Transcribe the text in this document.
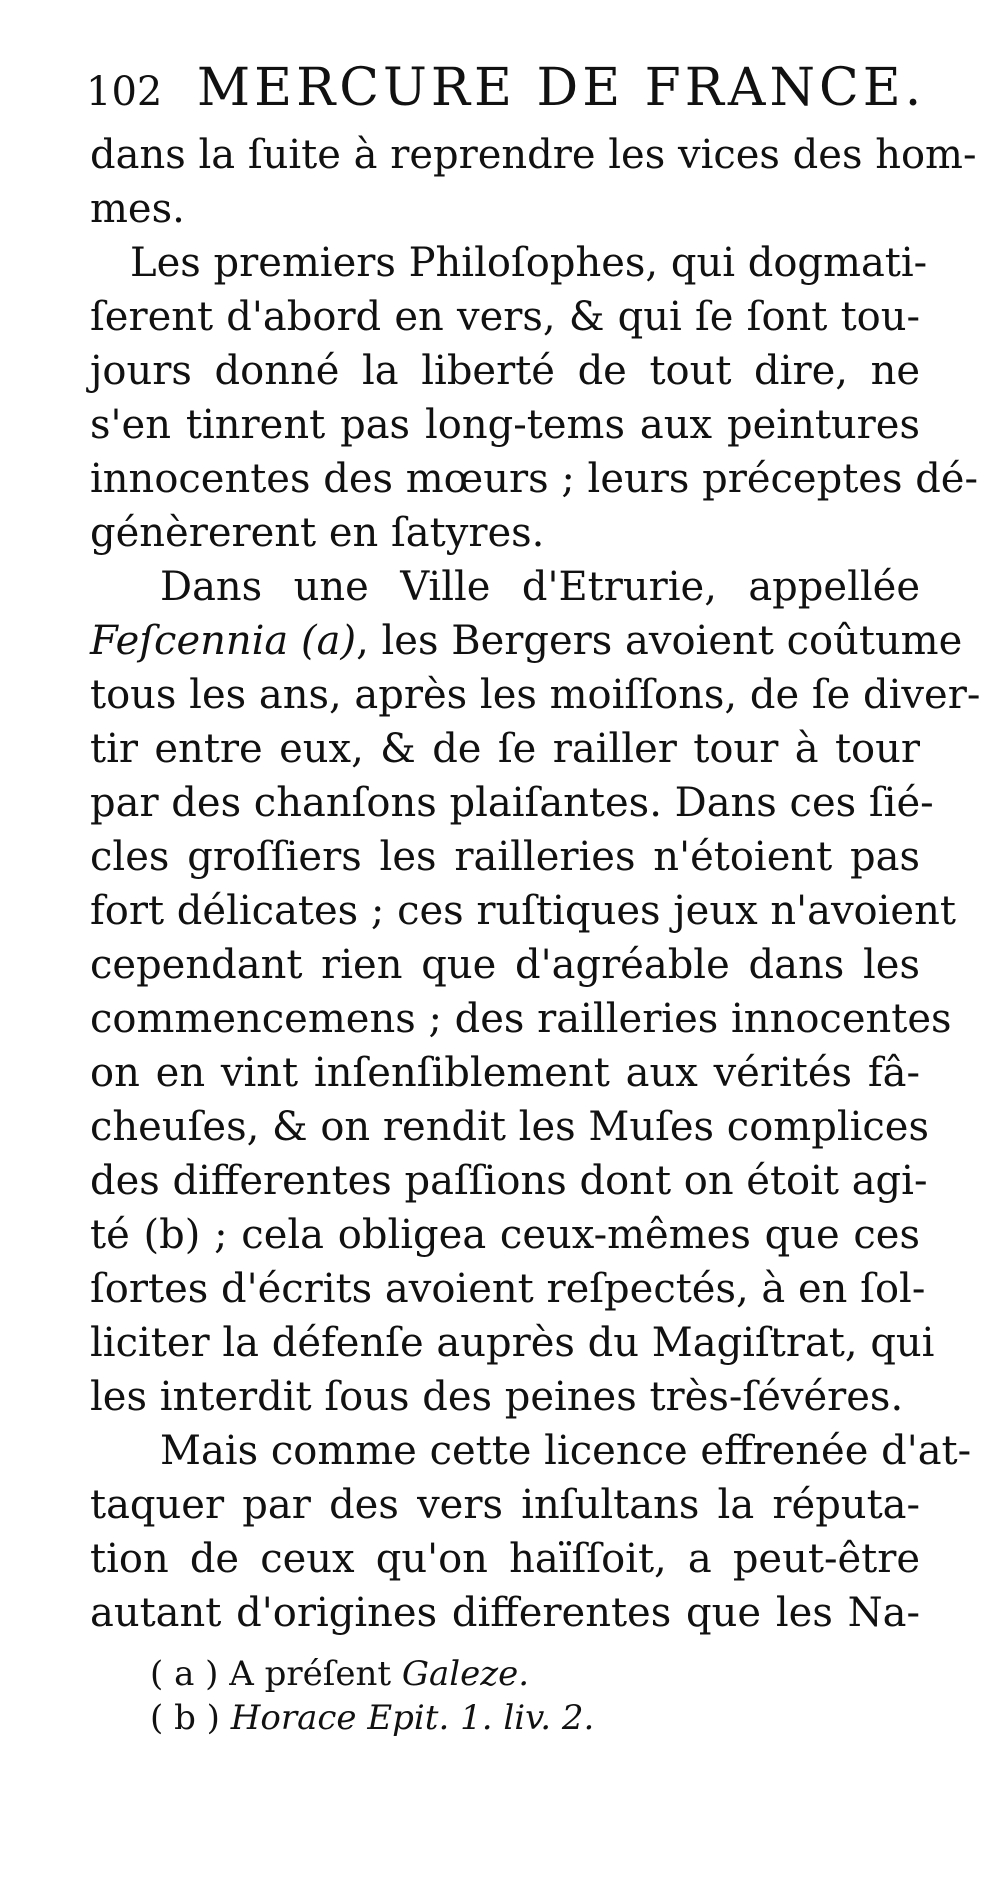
102 MERCURE DE FRANCE.
dans la ſuite à reprendre les vices des hom-
mes.
Les premiers Philoſophes, qui dogmati-
ſerent d'abord en vers, & qui ſe ſont tou-
jours donné la liberté de tout dire, ne
s'en tinrent pas long-tems aux peintures
innocentes des mœurs ; leurs préceptes dé-
génèrerent en ſatyres.
Dans une Ville d'Etrurie, appellée
Feſcennia (a), les Bergers avoient coûtume
tous les ans, après les moiſſons, de ſe diver-
tir entre eux, & de ſe railler tour à tour
par des chanſons plaiſantes. Dans ces ſié-
cles groſſiers les railleries n'étoient pas
fort délicates ; ces ruſtiques jeux n'avoient
cependant rien que d'agréable dans les
commencemens ; des railleries innocentes
on en vint inſenſiblement aux vérités fâ-
cheuſes, & on rendit les Muſes complices
des differentes paſſions dont on étoit agi-
té (b) ; cela obligea ceux-mêmes que ces
ſortes d'écrits avoient reſpectés, à en ſol-
liciter la défenſe auprès du Magiſtrat, qui
les interdit ſous des peines très-ſévéres.
Mais comme cette licence effrenée d'at-
taquer par des vers inſultans la réputa-
tion de ceux qu'on haïſſoit, a peut-être
autant d'origines differentes que les Na-
( a ) A préſent Galeze.
( b ) Horace Epit. 1. liv. 2.
